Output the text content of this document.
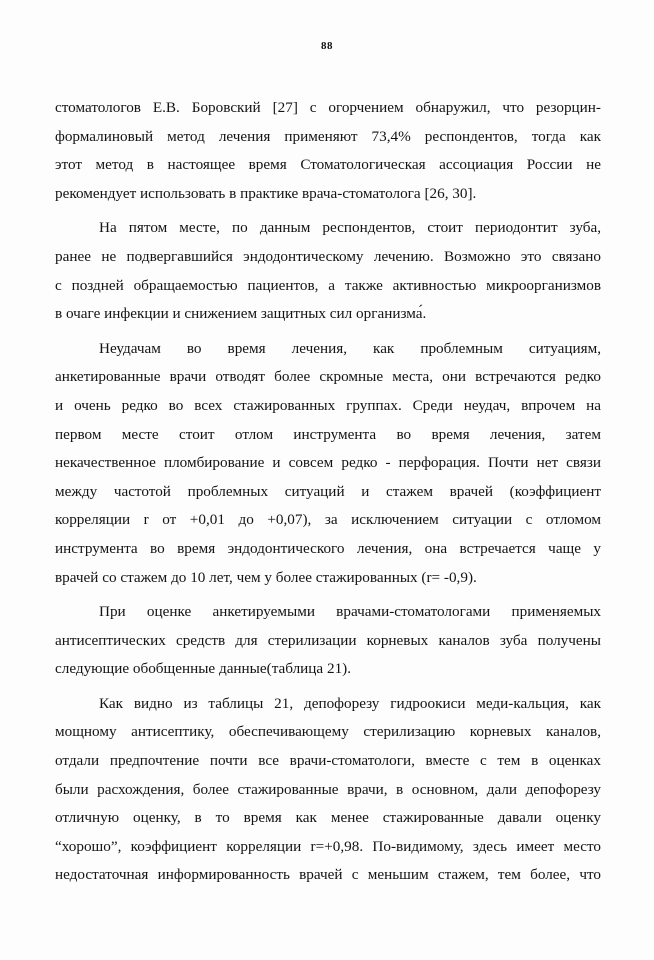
88
стоматологов Е.В. Боровский [27] с огорчением обнаружил, что резорцин-
формалиновый метод лечения применяют 73,4% респондентов, тогда как
этот метод в настоящее время Стоматологическая ассоциация России не
рекомендует использовать в практике врача-стоматолога [26, 30].
На пятом месте, по данным респондентов, стоит периодонтит зуба,
ранее не подвергавшийся эндодонтическому лечению. Возможно это связано
с поздней обращаемостью пациентов, а также активностью микроорганизмов
в очаге инфекции и снижением защитных сил организма́.
Неудачам во время лечения, как проблемным ситуациям,
анкетированные врачи отводят более скромные места, они встречаются редко
и очень редко во всех стажированных группах. Среди неудач, впрочем на
первом месте стоит отлом инструмента во время лечения, затем
некачественное пломбирование и совсем редко - перфорация. Почти нет связи
между частотой проблемных ситуаций и стажем врачей (коэффициент
корреляции r от +0,01 до +0,07), за исключением ситуации с отломом
инструмента во время эндодонтического лечения, она встречается чаще у
врачей со стажем до 10 лет, чем у более стажированных (r= -0,9).
При оценке анкетируемыми врачами-стоматологами применяемых
антисептических средств для стерилизации корневых каналов зуба получены
следующие обобщенные данные(таблица 21).
Как видно из таблицы 21, депофорезу гидроокиси меди-кальция, как
мощному антисептику, обеспечивающему стерилизацию корневых каналов,
отдали предпочтение почти все врачи-стоматологи, вместе с тем в оценках
были расхождения, более стажированные врачи, в основном, дали депофорезу
отличную оценку, в то время как менее стажированные давали оценку
“хорошо”, коэффициент корреляции r=+0,98. По-видимому, здесь имеет место
недостаточная информированность врачей с меньшим стажем, тем более, что
